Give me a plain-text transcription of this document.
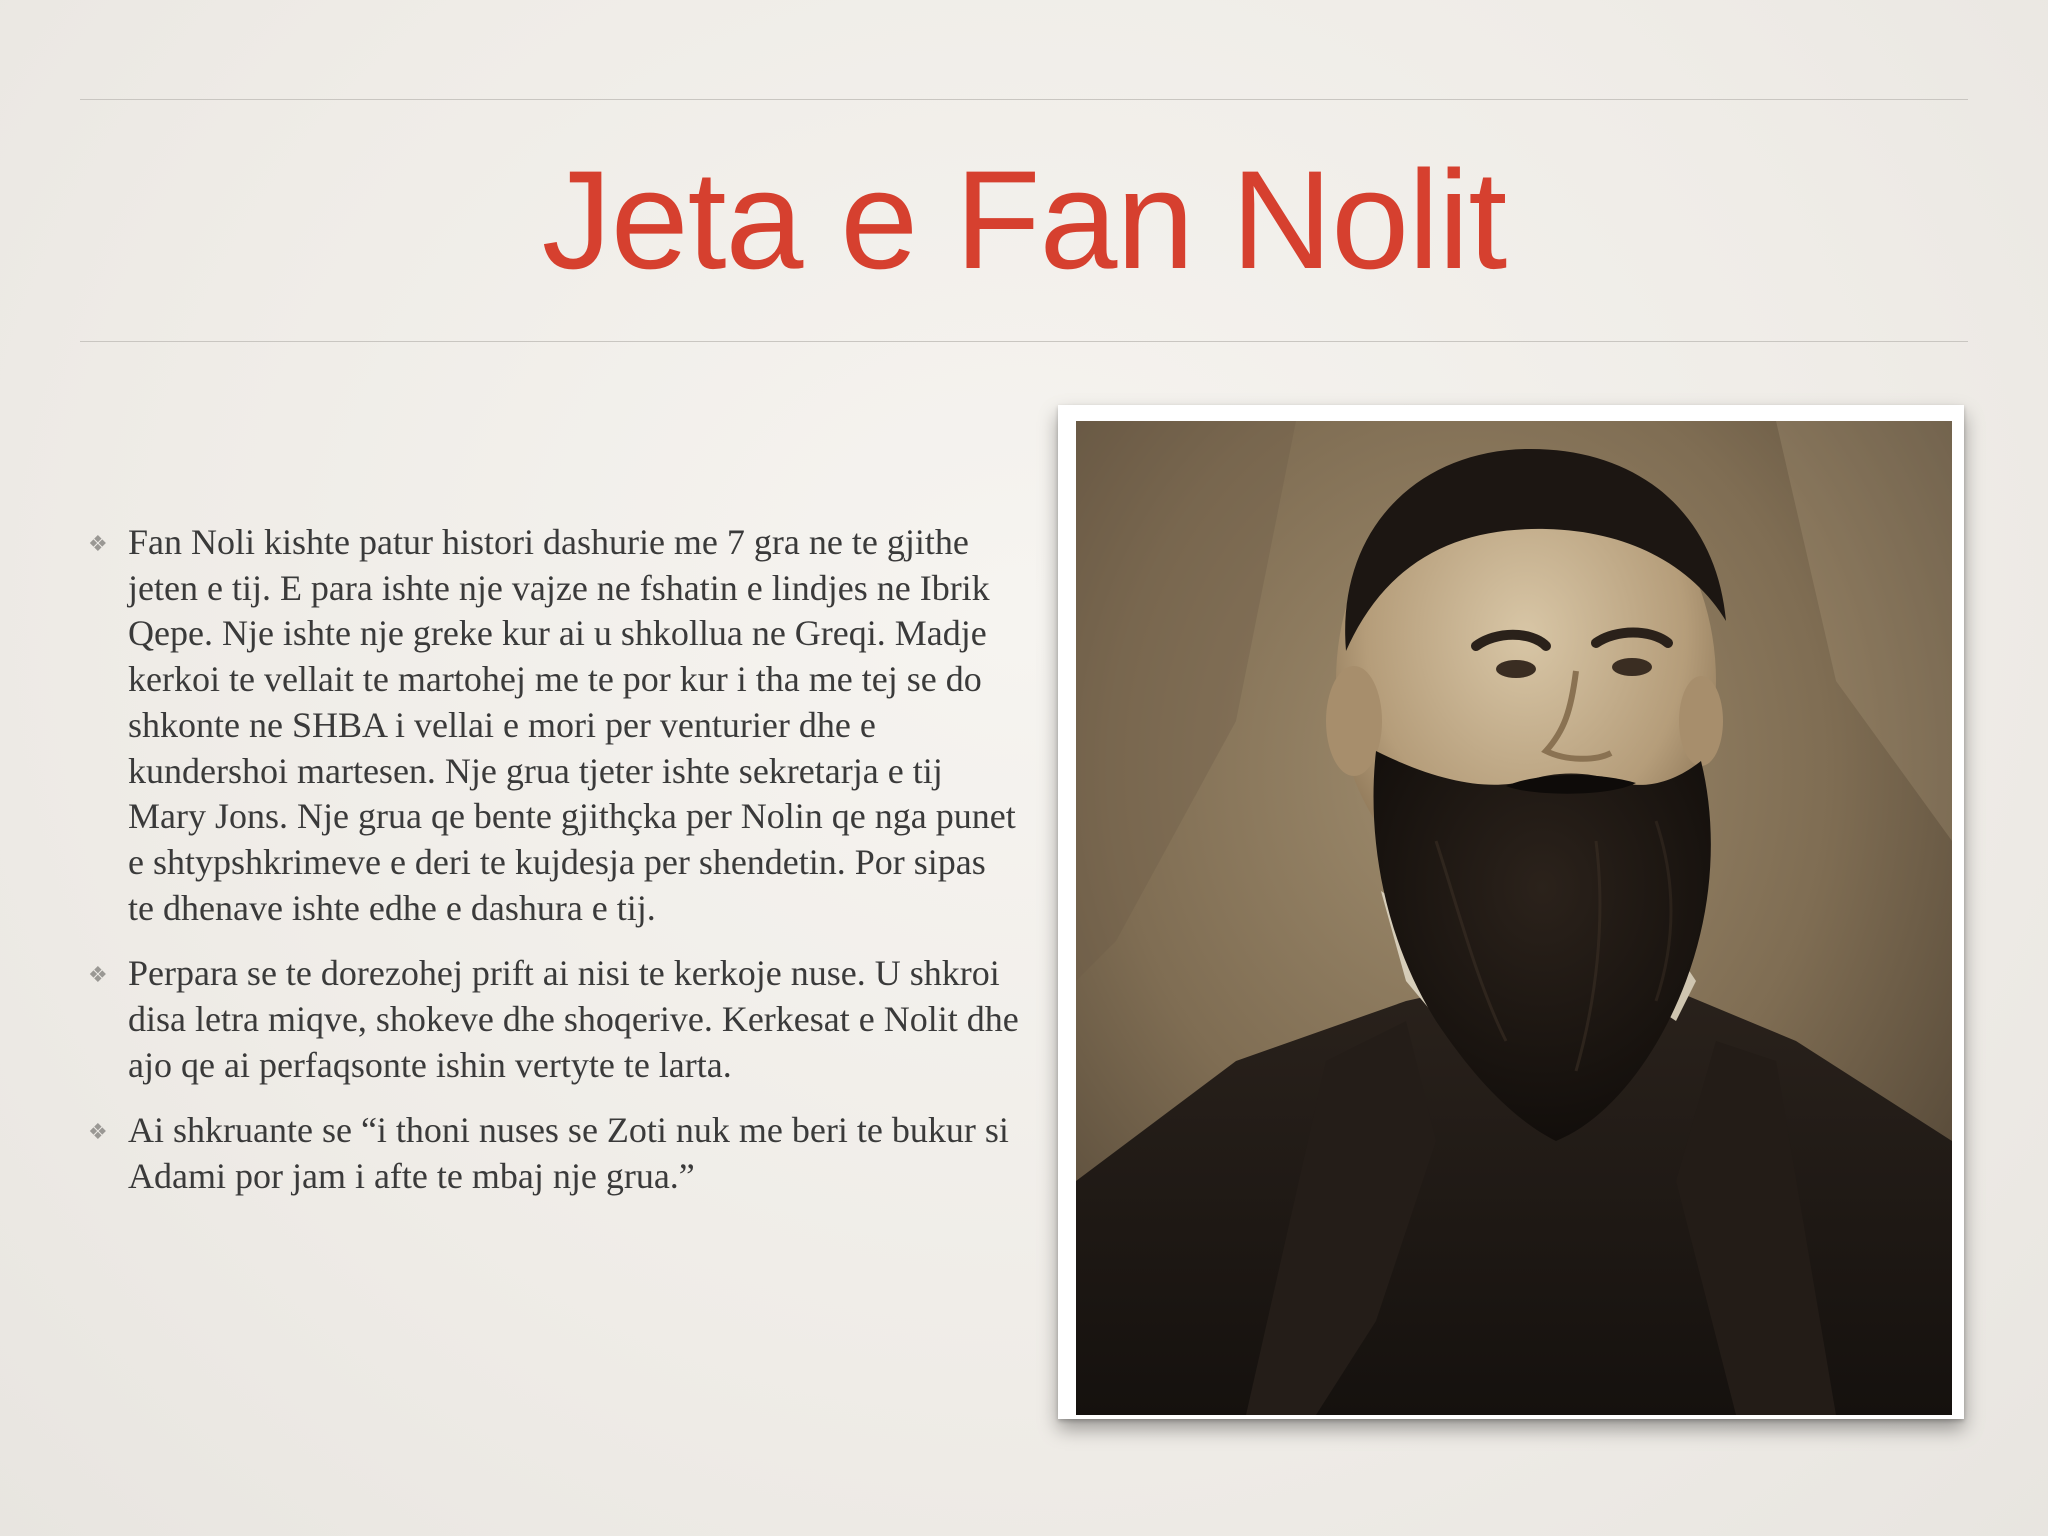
Jeta e Fan Nolit
❖ Fan Noli kishte patur histori dashurie me 7 gra ne te gjithe jeten e tij. E para ishte nje vajze ne fshatin e lindjes ne Ibrik Qepe. Nje ishte nje greke kur ai u shkollua ne Greqi. Madje kerkoi te vellait te martohej me te por kur i tha me tej se do shkonte ne SHBA i vellai e mori per venturier dhe e kundershoi martesen. Nje grua tjeter ishte sekretarja e tij Mary Jons. Nje grua qe bente gjithçka per Nolin qe nga punet e shtypshkrimeve e deri te kujdesja per shendetin. Por sipas te dhenave ishte edhe e dashura e tij.
❖ Perpara se te dorezohej prift ai nisi te kerkoje nuse. U shkroi disa letra miqve, shokeve dhe shoqerive. Kerkesat e Nolit dhe ajo qe ai perfaqsonte ishin vertyte te larta.
❖ Ai shkruante se “i thoni nuses se Zoti nuk me beri te bukur si Adami por jam i afte te mbaj nje grua.”
